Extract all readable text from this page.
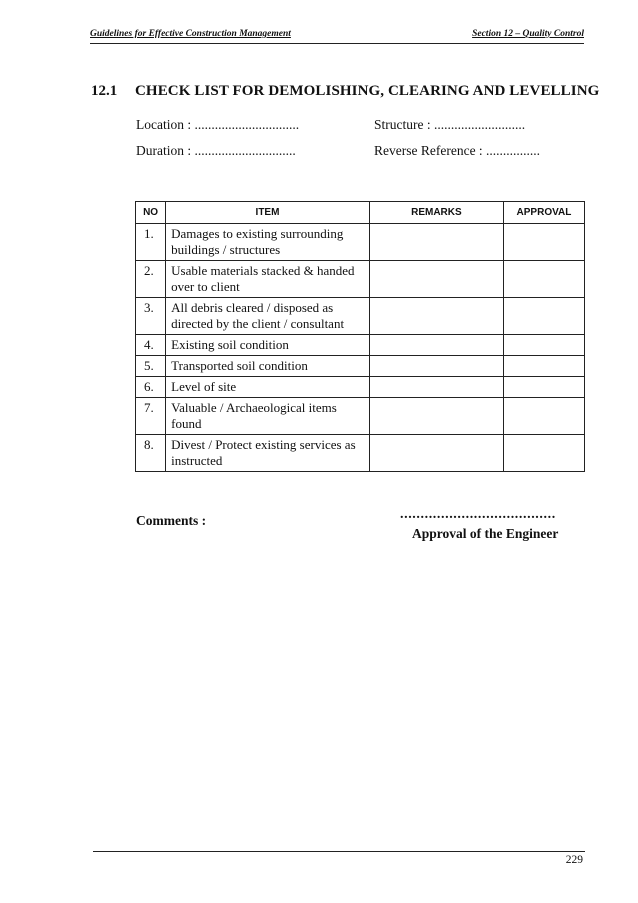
Guidelines for Effective Construction Management	Section 12 – Quality Control
12.1 CHECK LIST FOR DEMOLISHING, CLEARING AND LEVELLING
Location : ...............................	Structure : ...........................
Duration : ..............................	Reverse Reference : ................
NO	ITEM	REMARKS	APPROVAL
1.	Damages to existing surrounding buildings / structures		
2.	Usable materials stacked & handed over to client		
3.	All debris cleared / disposed as directed by the client / consultant		
4.	Existing soil condition		
5.	Transported soil condition		
6.	Level of site		
7.	Valuable / Archaeological items found		
8.	Divest / Protect existing services as instructed		
Comments :	......................................
Approval of the Engineer
229
